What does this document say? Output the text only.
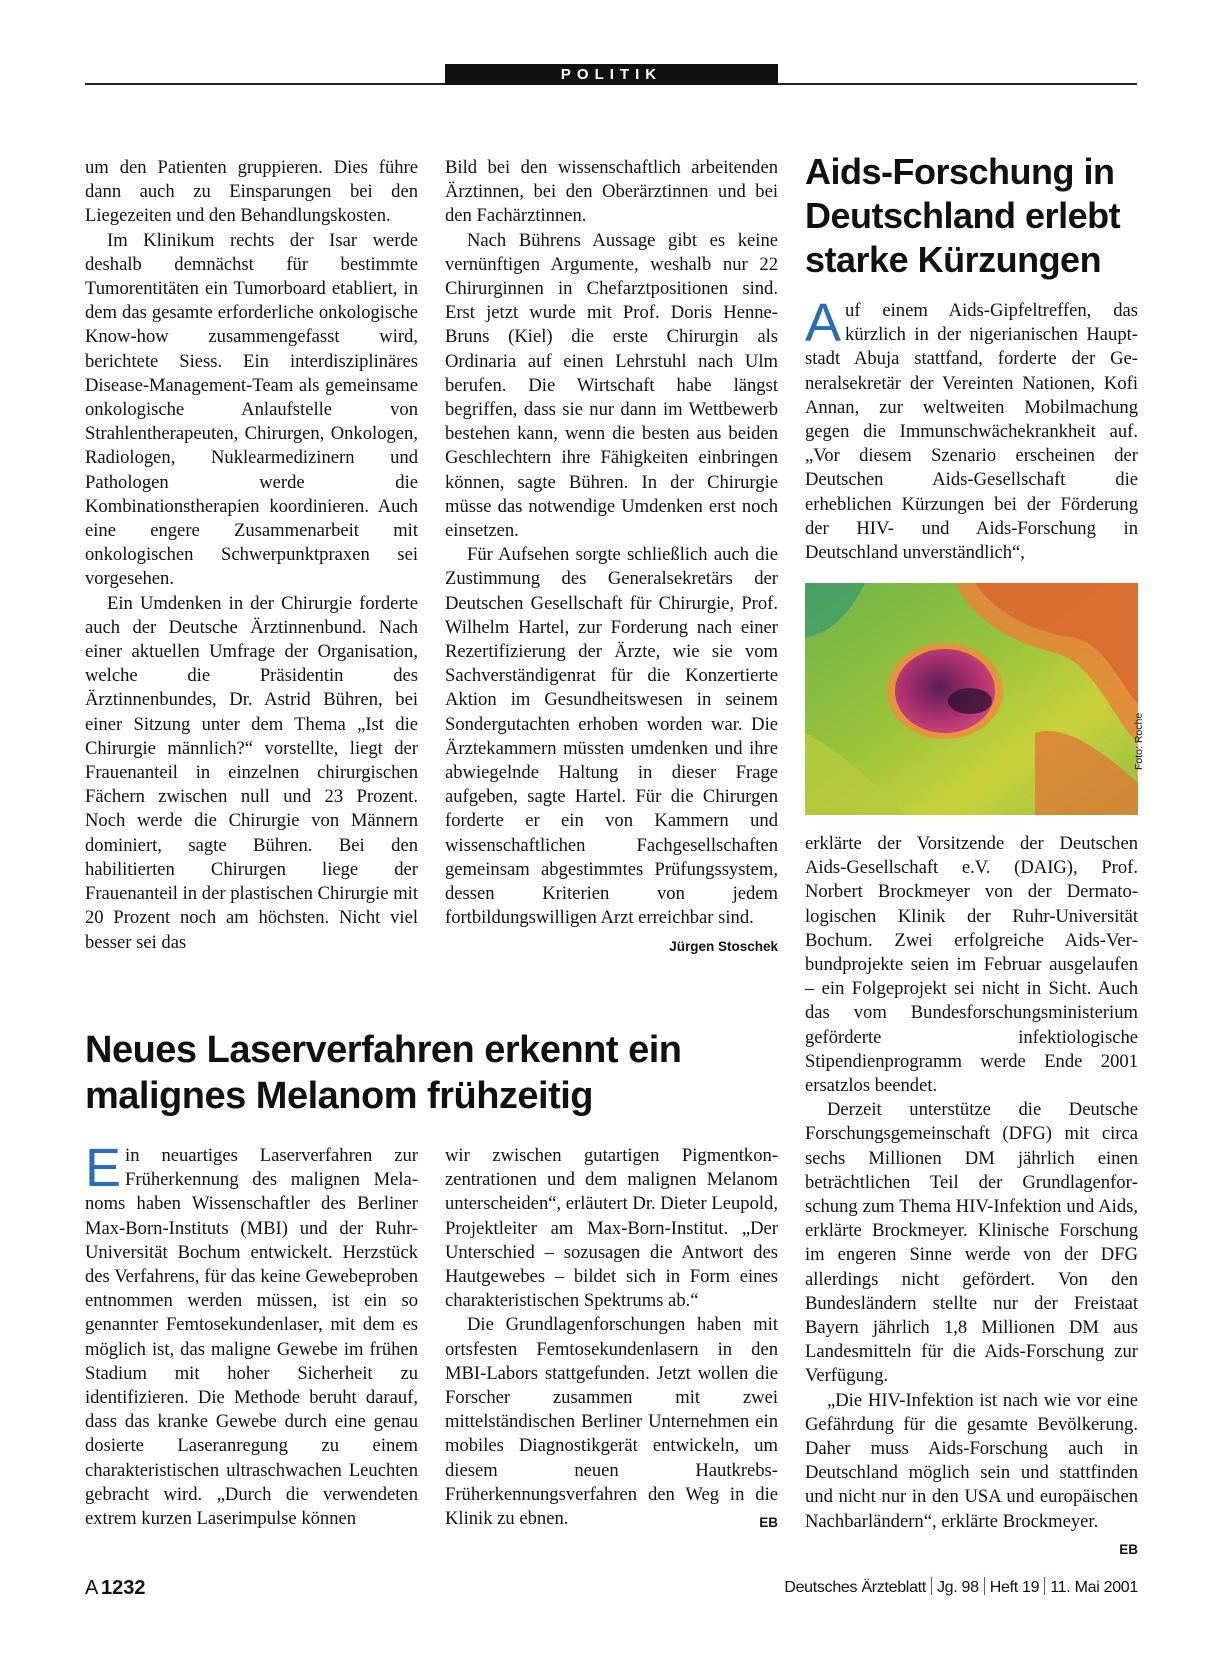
POLITIK

um den Patienten gruppieren. Dies führe dann auch zu Einsparungen bei den Liegezeiten und den Behandlungskosten.

Im Klinikum rechts der Isar werde deshalb demnächst für bestimmte Tumorentitäten ein Tumorboard etabliert, in dem das gesamte erforderliche onkologische Know-how zusammengefasst wird, berichtete Siess. Ein interdisziplinäres Disease-Management-Team als gemeinsame onkologische Anlaufstelle von Strahlentherapeuten, Chirurgen, Onkologen, Radiologen, Nuklearmedizinern und Pathologen werde die Kombinationstherapien koordinieren. Auch eine engere Zusammenarbeit mit onkologischen Schwerpunktpraxen sei vorgesehen.

Ein Umdenken in der Chirurgie forderte auch der Deutsche Ärztinnenbund. Nach einer aktuellen Umfrage der Organisation, welche die Präsidentin des Ärztinnenbundes, Dr. Astrid Bühren, bei einer Sitzung unter dem Thema „Ist die Chirurgie männlich?“ vorstellte, liegt der Frauenanteil in einzelnen chirurgischen Fächern zwischen null und 23 Prozent. Noch werde die Chirurgie von Männern dominiert, sagte Bühren. Bei den habilitierten Chirurgen liege der Frauenanteil in der plastischen Chirurgie mit 20 Prozent noch am höchsten. Nicht viel besser sei das

Bild bei den wissenschaftlich arbeitenden Ärztinnen, bei den Oberärztinnen und bei den Fachärztinnen.

Nach Bührens Aussage gibt es keine vernünftigen Argumente, weshalb nur 22 Chirurginnen in Chefarztpositionen sind. Erst jetzt wurde mit Prof. Doris Henne-Bruns (Kiel) die erste Chirurgin als Ordinaria auf einen Lehrstuhl nach Ulm berufen. Die Wirtschaft habe längst begriffen, dass sie nur dann im Wettbewerb bestehen kann, wenn die besten aus beiden Geschlechtern ihre Fähigkeiten einbringen können, sagte Bühren. In der Chirurgie müsse das notwendige Umdenken erst noch einsetzen.

Für Aufsehen sorgte schließlich auch die Zustimmung des Generalsekretärs der Deutschen Gesellschaft für Chirurgie, Prof. Wilhelm Hartel, zur Forderung nach einer Rezertifizierung der Ärzte, wie sie vom Sachverständigenrat für die Konzertierte Aktion im Gesundheitswesen in seinem Sondergutachten erhoben worden war. Die Ärztekammern müssten umdenken und ihre abwiegelnde Haltung in dieser Frage aufgeben, sagte Hartel. Für die Chirurgen forderte er ein von Kammern und wissenschaftlichen Fachgesellschaften gemeinsam abgestimmtes Prüfungssystem, dessen Kriterien von jedem fortbildungswilligen Arzt erreichbar sind.
Jürgen Stoschek

Aids-Forschung in Deutschland erlebt starke Kürzungen

A uf einem Aids-Gipfeltreffen, das kürzlich in der nigerianischen Hauptstadt Abuja stattfand, forderte der Generalsekretär der Vereinten Nationen, Kofi Annan, zur weltweiten Mobilmachung gegen die Immunschwächekrankheit auf. „Vor diesem Szenario erscheinen der Deutschen Aids-Gesellschaft die erheblichen Kürzungen bei der Förderung der HIV- und Aids-Forschung in Deutschland unverständlich“,

Foto: Roche

erklärte der Vorsitzende der Deutschen Aids-Gesellschaft e.V. (DAIG), Prof. Norbert Brockmeyer von der Dermatologischen Klinik der Ruhr-Universität Bochum. Zwei erfolgreiche Aids-Verbundprojekte seien im Februar ausgelaufen – ein Folgeprojekt sei nicht in Sicht. Auch das vom Bundesforschungsministerium geförderte infektiologische Stipendienprogramm werde Ende 2001 ersatzlos beendet.

Derzeit unterstütze die Deutsche Forschungsgemeinschaft (DFG) mit circa sechs Millionen DM jährlich einen beträchtlichen Teil der Grundlagenforschung zum Thema HIV-Infektion und Aids, erklärte Brockmeyer. Klinische Forschung im engeren Sinne werde von der DFG allerdings nicht gefördert. Von den Bundesländern stellte nur der Freistaat Bayern jährlich 1,8 Millionen DM aus Landesmitteln für die Aids-Forschung zur Verfügung.

„Die HIV-Infektion ist nach wie vor eine Gefährdung für die gesamte Bevölkerung. Daher muss Aids-Forschung auch in Deutschland möglich sein und stattfinden und nicht nur in den USA und europäischen Nachbarländern“, erklärte Brockmeyer.
EB

Neues Laserverfahren erkennt ein malignes Melanom frühzeitig

E in neuartiges Laserverfahren zur Früherkennung des malignen Melanoms haben Wissenschaftler des Berliner Max-Born-Instituts (MBI) und der Ruhr-Universität Bochum entwickelt. Herzstück des Verfahrens, für das keine Gewebeproben entnommen werden müssen, ist ein so genannter Femtosekundenlaser, mit dem es möglich ist, das maligne Gewebe im frühen Stadium mit hoher Sicherheit zu identifizieren. Die Methode beruht darauf, dass das kranke Gewebe durch eine genau dosierte Laseranregung zu einem charakteristischen ultraschwachen Leuchten gebracht wird. „Durch die verwendeten extrem kurzen Laserimpulse können

wir zwischen gutartigen Pigmentkonzentrationen und dem malignen Melanom unterscheiden“, erläutert Dr. Dieter Leupold, Projektleiter am Max-Born-Institut. „Der Unterschied – sozusagen die Antwort des Hautgewebes – bildet sich in Form eines charakteristischen Spektrums ab.“

Die Grundlagenforschungen haben mit ortsfesten Femtosekundenlasern in den MBI-Labors stattgefunden. Jetzt wollen die Forscher zusammen mit zwei mittelständischen Berliner Unternehmen ein mobiles Diagnostikgerät entwickeln, um diesem neuen Hautkrebs-Früherkennungsverfahren den Weg in die Klinik zu ebnen.	EB

A 1232	Deutsches Ärzteblatt Jg. 98 Heft 19 11. Mai 2001
